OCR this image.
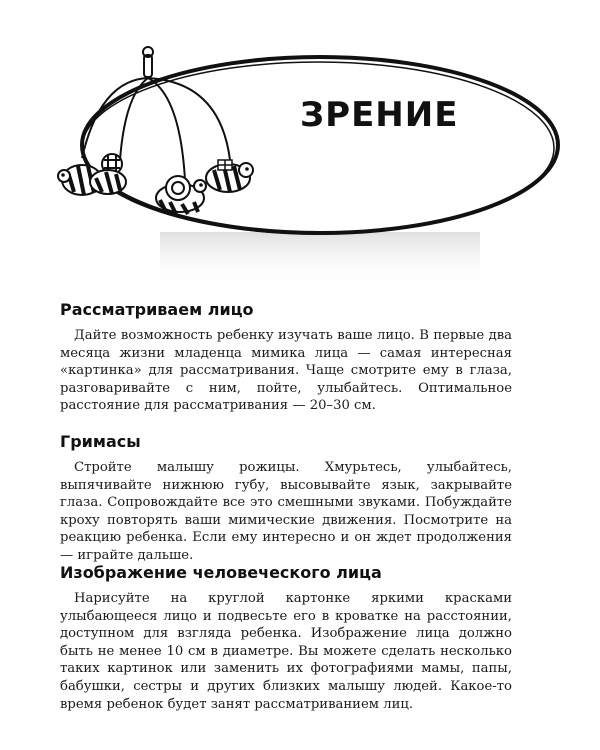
ЗРЕНИЕ
Рассматриваем лицо

Дайте возможность ребенку изучать ваше лицо. В первые два месяца жизни младенца мимика лица — самая интересная «картинка» для рассматривания. Чаще смотрите ему в глаза, разговаривайте с ним, пойте, улыбайтесь. Оптимальное расстояние для рассматривания — 20–30 см.

Гримасы

Стройте малышу рожицы. Хмурьтесь, улыбайтесь, выпячивайте нижнюю губу, высовывайте язык, закрывайте глаза. Сопровождайте все это смешными звуками. Побуждайте кроху повторять ваши мимические движения. Посмотрите на реакцию ребенка. Если ему интересно и он ждет продолжения — играйте дальше.

Изображение человеческого лица

Нарисуйте на круглой картонке яркими красками улыбающееся лицо и подвесьте его в кроватке на расстоянии, доступном для взгляда ребенка. Изображение лица должно быть не менее 10 см в диаметре. Вы можете сделать несколько таких картинок или заменить их фотографиями мамы, папы, бабушки, сестры и других близких малышу людей. Какое-то время ребенок будет занят рассматриванием лиц.
